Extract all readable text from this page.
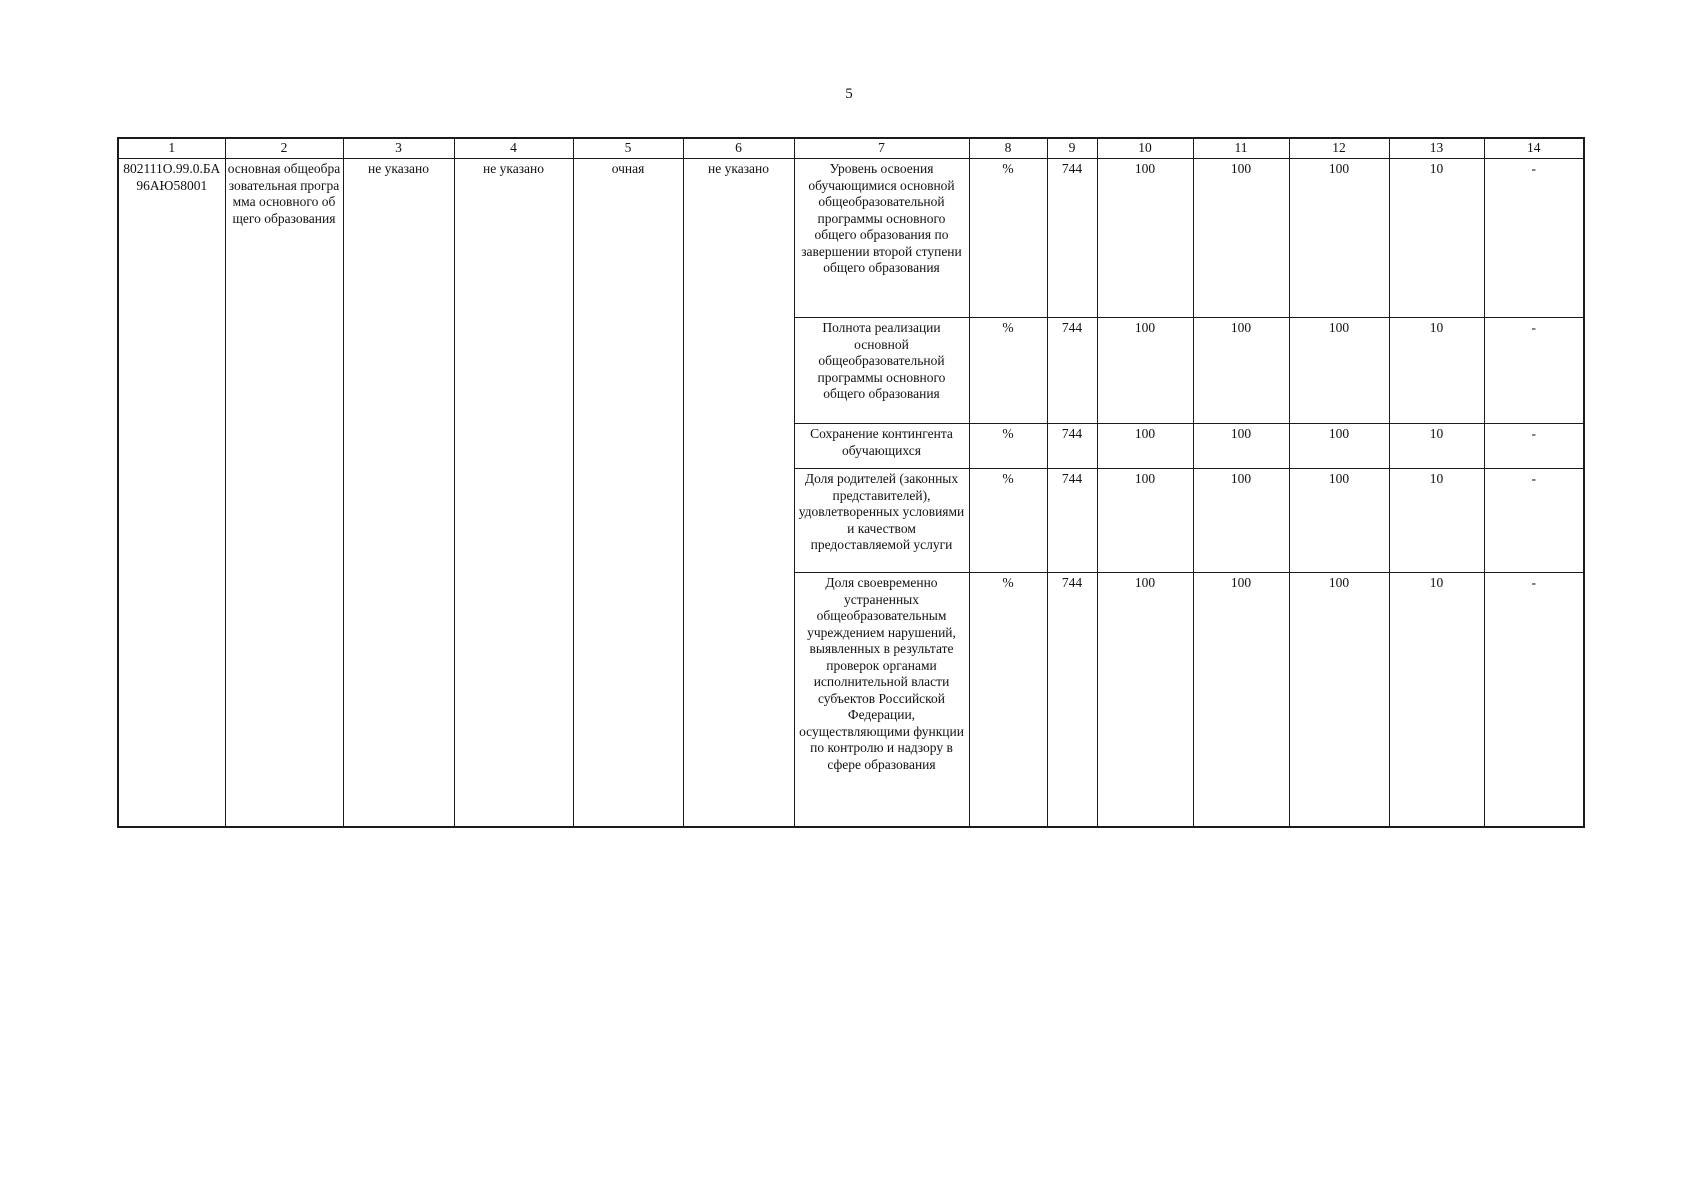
5
1	2	3	4	5	6	7	8	9	10	11	12	13	14
802111О.99.0.БА96АЮ58001	основная общеобразовательная программа основного общего образования	не указано	не указано	очная	не указано	Уровень освоения обучающимися основной общеобразовательной программы основного общего образования по завершении второй ступени общего образования	%	744	100	100	100	10	-
						Полнота реализации основной общеобразовательной программы основного общего образования	%	744	100	100	100	10	-
						Сохранение контингента обучающихся	%	744	100	100	100	10	-
						Доля родителей (законных представителей), удовлетворенных условиями и качеством предоставляемой услуги	%	744	100	100	100	10	-
						Доля своевременно устраненных общеобразовательным учреждением нарушений, выявленных в результате проверок органами исполнительной власти субъектов Российской Федерации, осуществляющими функции по контролю и надзору в сфере образования	%	744	100	100	100	10	-
